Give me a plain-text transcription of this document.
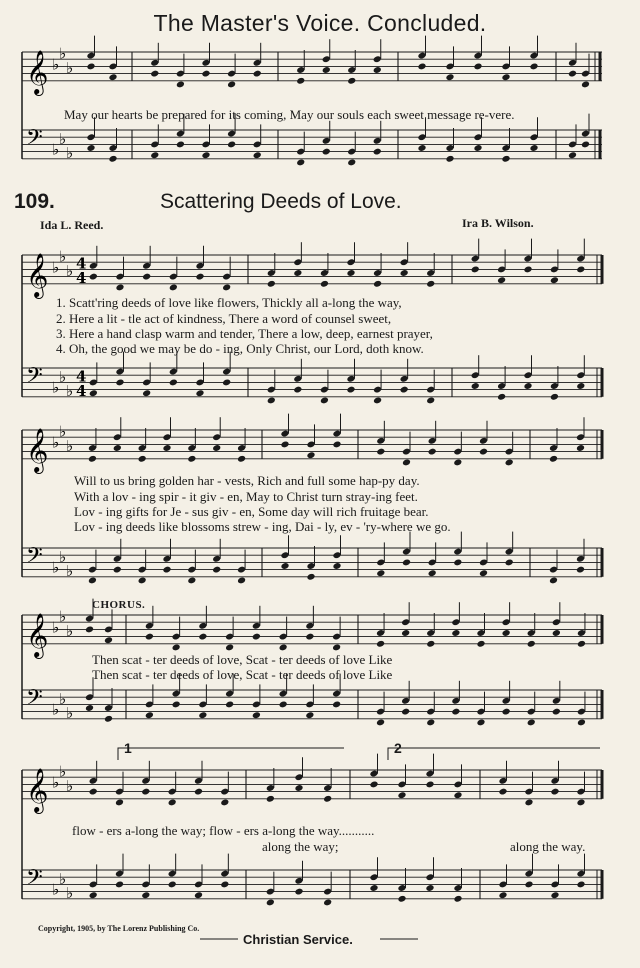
The Master's Voice. Concluded.
𝄞 ♭
♭
♭
𝄢 ♭
♭
♭
𝄞 ♭
♭
♭
𝄢 ♭
♭
♭
𝄞 ♭
♭
♭
𝄢 ♭
♭
♭
𝄞 ♭
♭
♭
𝄢 ♭
♭
♭
𝄞 ♭
♭
♭
𝄢 ♭
♭
♭
4
4
4
4
May our hearts be prepared for its coming, May our souls each sweet message re-vere.
109.	Scattering Deeds of Love.
Ida L. Reed.	Ira B. Wilson.
1. Scatt'ring deeds of love like flowers, Thickly all a-long the way,
2. Here a lit - tle act of kindness, There a word of counsel sweet,
3. Here a hand clasp warm and tender, There a low, deep, earnest prayer,
4. Oh, the good we may be do - ing, Only Christ, our Lord, doth know.
Will to us bring golden har - vests, Rich and full some hap-py day.
With a lov - ing spir - it giv - en, May to Christ turn stray-ing feet.
Lov - ing gifts for Je - sus giv - en, Some day will rich fruitage bear.
Lov - ing deeds like blossoms strew - ing, Dai - ly, ev - 'ry-where we go.
CHORUS.
Then scat - ter deeds of love, Scat - ter deeds of love Like
Then scat - ter deeds of love, Scat - ter deeds of love Like
1	2
flow - ers a-long the way; flow - ers a-long the way...........
along the way;	along the way.
Copyright, 1905, by The Lorenz Publishing Co.
Christian Service.
